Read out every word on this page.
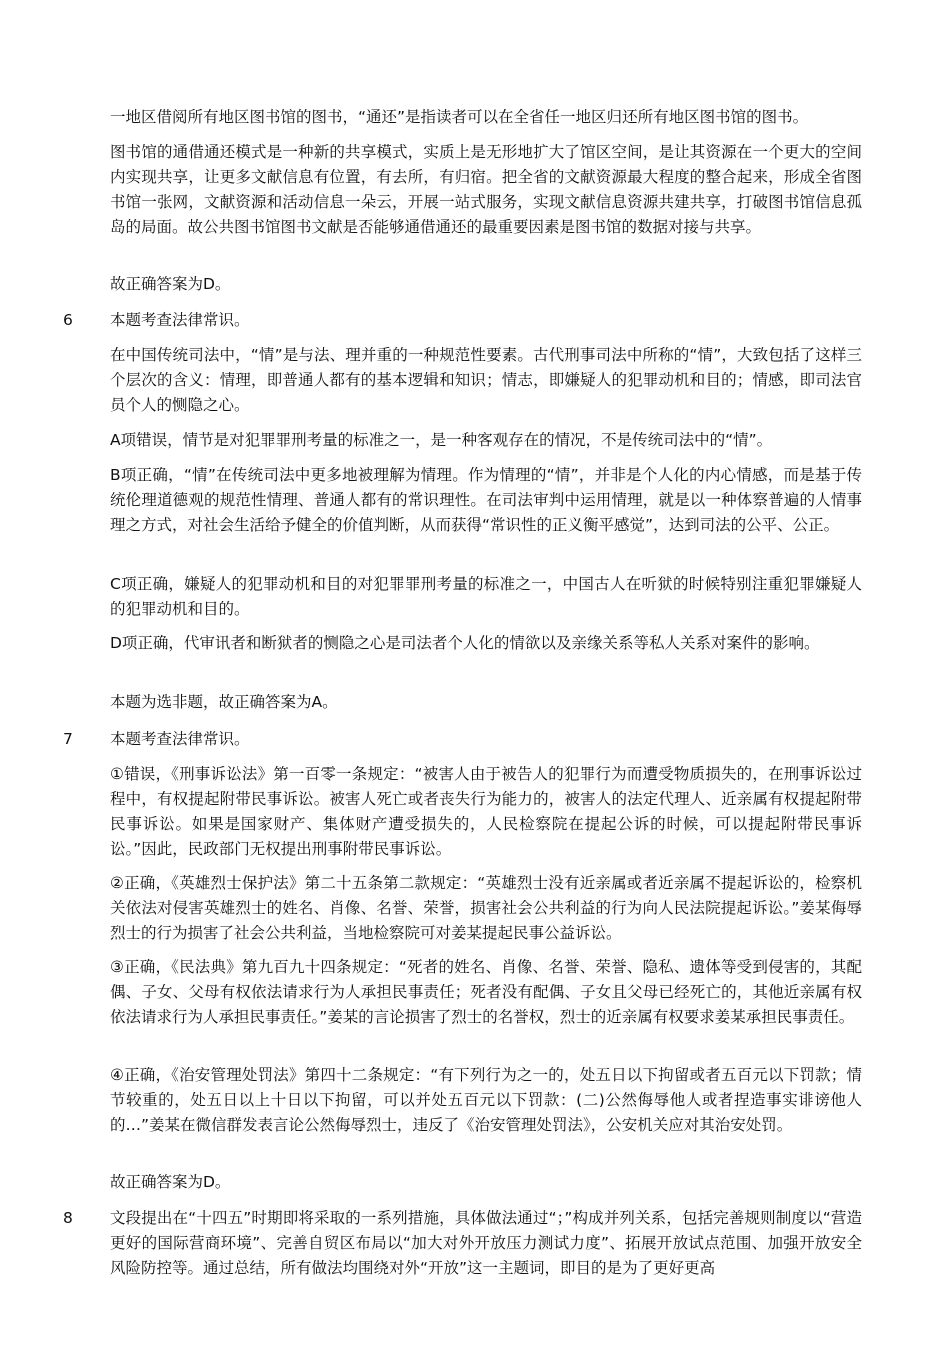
一地区借阅所有地区图书馆的图书，“通还”是指读者可以在全省任一地区归还所有地区图书馆的图书。

图书馆的通借通还模式是一种新的共享模式，实质上是无形地扩大了馆区空间，是让其资源在一个更大的空间内实现共享，让更多文献信息有位置，有去所，有归宿。把全省的文献资源最大程度的整合起来，形成全省图书馆一张网，文献资源和活动信息一朵云，开展一站式服务，实现文献信息资源共建共享，打破图书馆信息孤岛的局面。故公共图书馆图书文献是否能够通借通还的最重要因素是图书馆的数据对接与共享。

故正确答案为D。

6	本题考查法律常识。

在中国传统司法中，“情”是与法、理并重的一种规范性要素。古代刑事司法中所称的“情”，大致包括了这样三个层次的含义：情理，即普通人都有的基本逻辑和知识；情志，即嫌疑人的犯罪动机和目的；情感，即司法官员个人的恻隐之心。

A项错误，情节是对犯罪罪刑考量的标准之一，是一种客观存在的情况，不是传统司法中的“情”。

B项正确，“情”在传统司法中更多地被理解为情理。作为情理的“情”，并非是个人化的内心情感，而是基于传统伦理道德观的规范性情理、普通人都有的常识理性。在司法审判中运用情理，就是以一种体察普遍的人情事理之方式，对社会生活给予健全的价值判断，从而获得“常识性的正义衡平感觉”，达到司法的公平、公正。

C项正确，嫌疑人的犯罪动机和目的对犯罪罪刑考量的标准之一，中国古人在听狱的时候特别注重犯罪嫌疑人的犯罪动机和目的。

D项正确，代审讯者和断狱者的恻隐之心是司法者个人化的情欲以及亲缘关系等私人关系对案件的影响。

本题为选非题，故正确答案为A。

7	本题考查法律常识。

①错误，《刑事诉讼法》第一百零一条规定：“被害人由于被告人的犯罪行为而遭受物质损失的，在刑事诉讼过程中，有权提起附带民事诉讼。被害人死亡或者丧失行为能力的，被害人的法定代理人、近亲属有权提起附带民事诉讼。如果是国家财产、集体财产遭受损失的，人民检察院在提起公诉的时候，可以提起附带民事诉讼。”因此，民政部门无权提出刑事附带民事诉讼。

②正确，《英雄烈士保护法》第二十五条第二款规定：“英雄烈士没有近亲属或者近亲属不提起诉讼的，检察机关依法对侵害英雄烈士的姓名、肖像、名誉、荣誉，损害社会公共利益的行为向人民法院提起诉讼。”姜某侮辱烈士的行为损害了社会公共利益，当地检察院可对姜某提起民事公益诉讼。

③正确，《民法典》第九百九十四条规定：“死者的姓名、肖像、名誉、荣誉、隐私、遗体等受到侵害的，其配偶、子女、父母有权依法请求行为人承担民事责任；死者没有配偶、子女且父母已经死亡的，其他近亲属有权依法请求行为人承担民事责任。”姜某的言论损害了烈士的名誉权，烈士的近亲属有权要求姜某承担民事责任。

④正确，《治安管理处罚法》第四十二条规定：“有下列行为之一的，处五日以下拘留或者五百元以下罚款；情节较重的，处五日以上十日以下拘留，可以并处五百元以下罚款：(二)公然侮辱他人或者捏造事实诽谤他人的…”姜某在微信群发表言论公然侮辱烈士，违反了《治安管理处罚法》，公安机关应对其治安处罚。

故正确答案为D。

8	文段提出在“十四五”时期即将采取的一系列措施，具体做法通过“；”构成并列关系，包括完善规则制度以“营造更好的国际营商环境”、完善自贸区布局以“加大对外开放压力测试力度”、拓展开放试点范围、加强开放安全风险防控等。通过总结，所有做法均围绕对外“开放”这一主题词，即目的是为了更好更高
